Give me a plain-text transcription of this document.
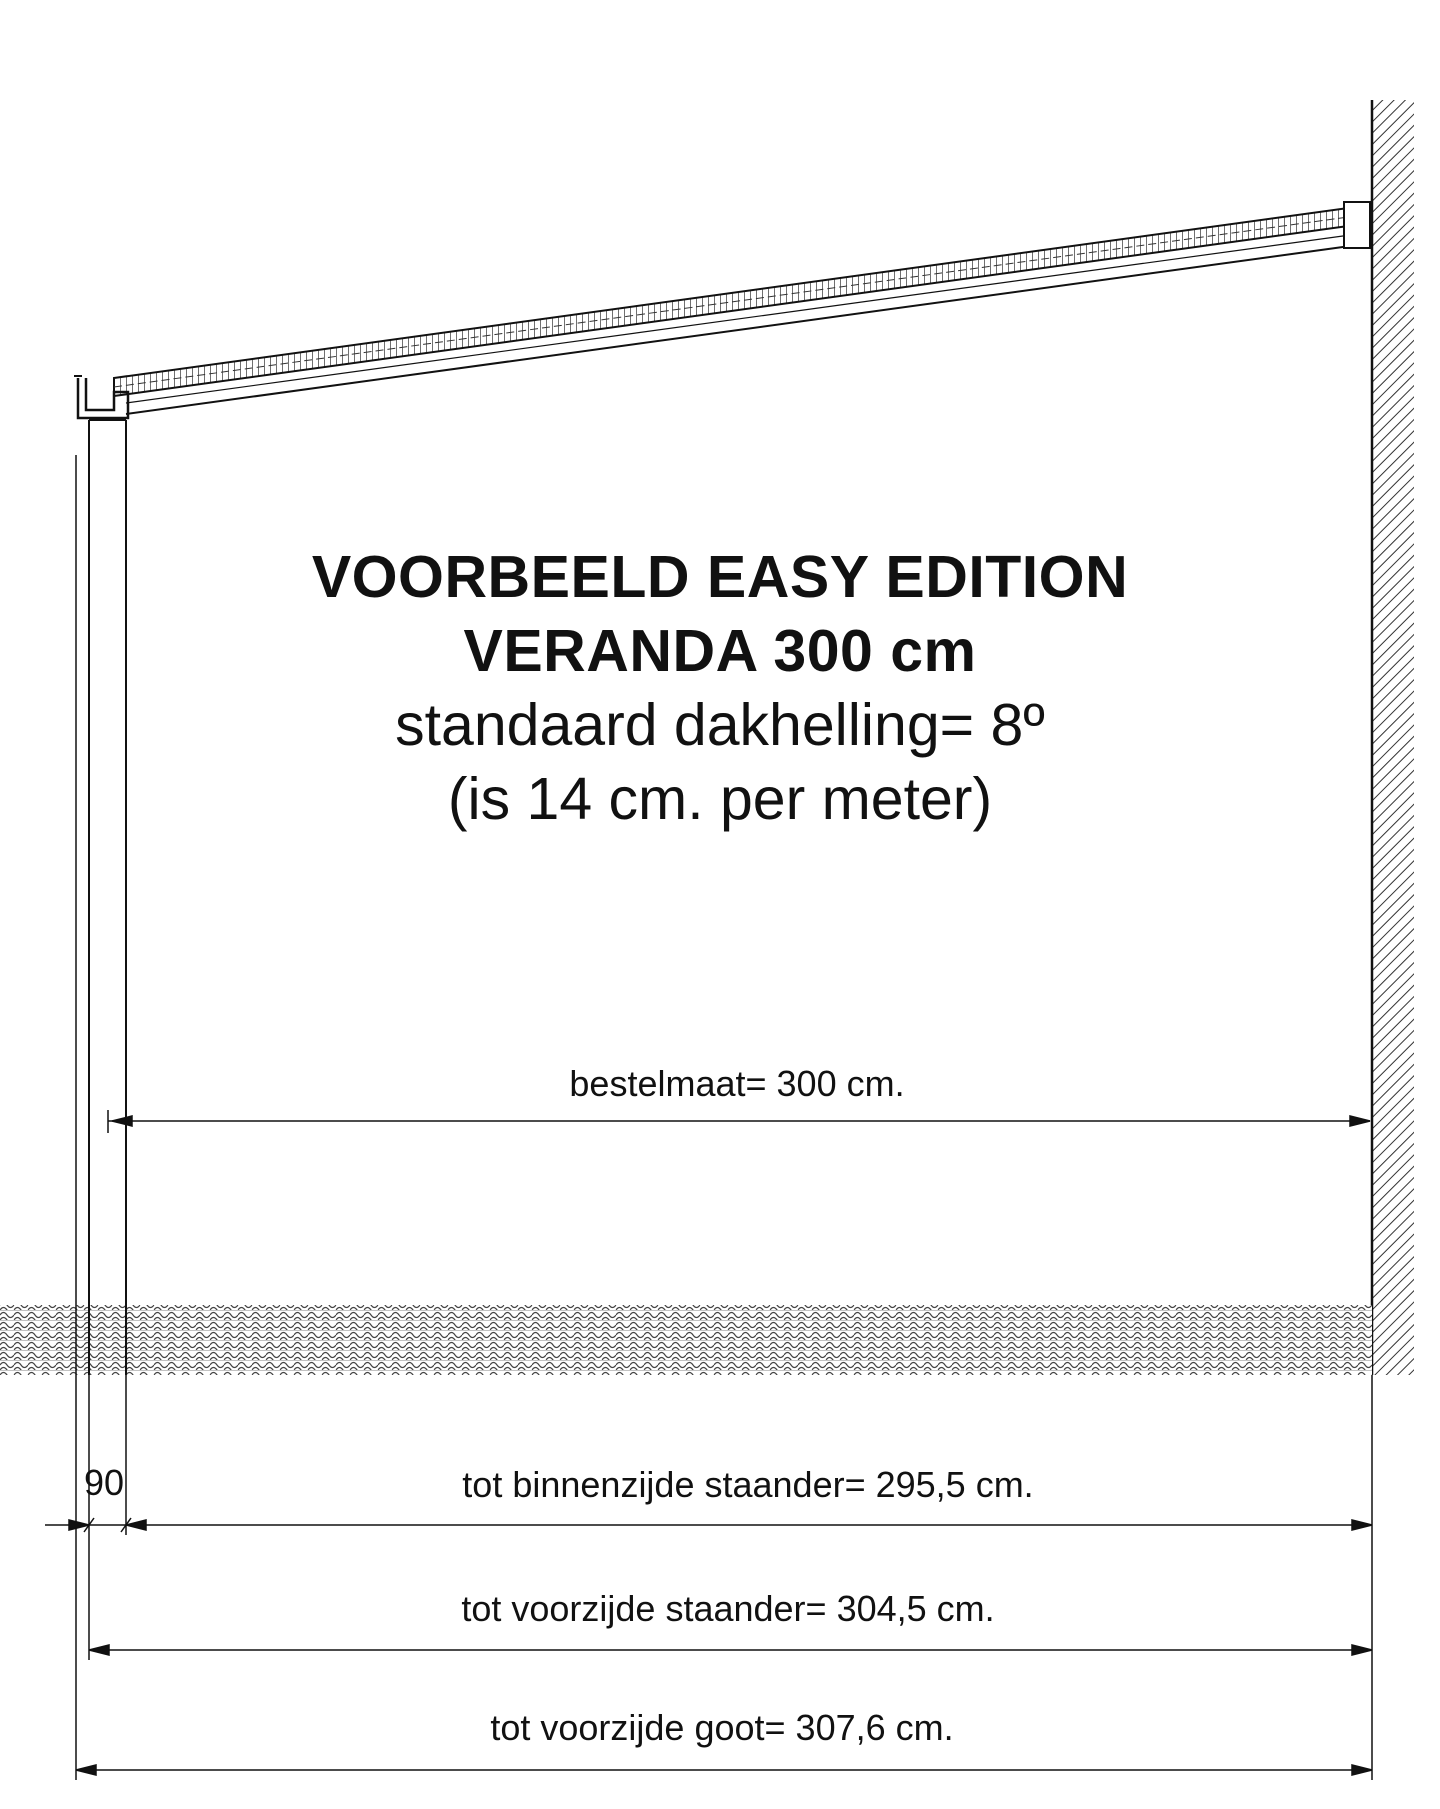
VOORBEELD EASY EDITION
VERANDA 300 cm
standaard dakhelling= 8º
(is 14 cm. per meter)
bestelmaat= 300 cm.
90	tot binnenzijde staander= 295,5 cm.
tot voorzijde staander= 304,5 cm.
tot voorzijde goot= 307,6 cm.
